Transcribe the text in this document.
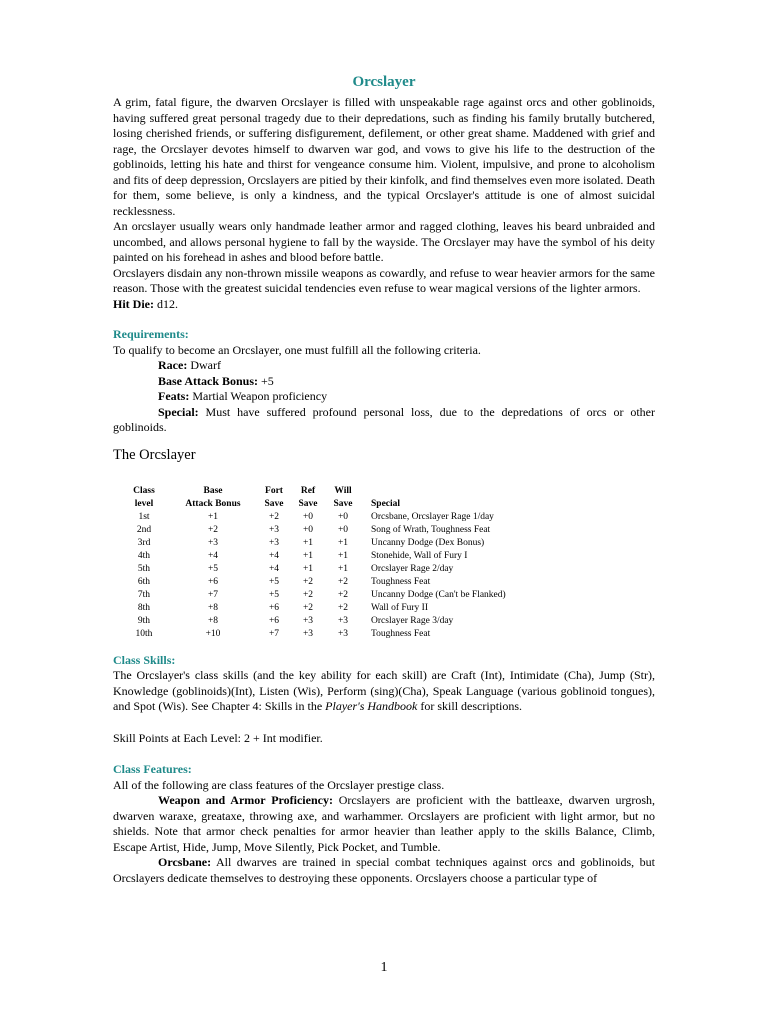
Orcslayer

A grim, fatal figure, the dwarven Orcslayer is filled with unspeakable rage against orcs and other goblinoids, having suffered great personal tragedy due to their depredations, such as finding his family brutally butchered, losing cherished friends, or suffering disfigurement, defilement, or other great shame. Maddened with grief and rage, the Orcslayer devotes himself to dwarven war god, and vows to give his life to the destruction of the goblinoids, letting his hate and thirst for vengeance consume him. Violent, impulsive, and prone to alcoholism and fits of deep depression, Orcslayers are pitied by their kinfolk, and find themselves even more isolated. Death for them, some believe, is only a kindness, and the typical Orcslayer's attitude is one of almost suicidal recklessness.

An orcslayer usually wears only handmade leather armor and ragged clothing, leaves his beard unbraided and uncombed, and allows personal hygiene to fall by the wayside. The Orcslayer may have the symbol of his deity painted on his forehead in ashes and blood before battle.

Orcslayers disdain any non-thrown missile weapons as cowardly, and refuse to wear heavier armors for the same reason. Those with the greatest suicidal tendencies even refuse to wear magical versions of the lighter armors.

Hit Die: d12.

Requirements:

To qualify to become an Orcslayer, one must fulfill all the following criteria.

Race: Dwarf

Base Attack Bonus: +5

Feats: Martial Weapon proficiency

Special: Must have suffered profound personal loss, due to the depredations of orcs or other goblinoids.

The Orcslayer

Class	Base	Fort	Ref	Will	
level	Attack Bonus	Save	Save	Save	Special
1st	+1	+2	+0	+0	Orcsbane, Orcslayer Rage 1/day
2nd	+2	+3	+0	+0	Song of Wrath, Toughness Feat
3rd	+3	+3	+1	+1	Uncanny Dodge (Dex Bonus)
4th	+4	+4	+1	+1	Stonehide, Wall of Fury I
5th	+5	+4	+1	+1	Orcslayer Rage 2/day
6th	+6	+5	+2	+2	Toughness Feat
7th	+7	+5	+2	+2	Uncanny Dodge (Can't be Flanked)
8th	+8	+6	+2	+2	Wall of Fury II
9th	+8	+6	+3	+3	Orcslayer Rage 3/day
10th	+10	+7	+3	+3	Toughness Feat

Class Skills:

The Orcslayer's class skills (and the key ability for each skill) are Craft (Int), Intimidate (Cha), Jump (Str), Knowledge (goblinoids)(Int), Listen (Wis), Perform (sing)(Cha), Speak Language (various goblinoid tongues), and Spot (Wis). See Chapter 4: Skills in the Player's Handbook for skill descriptions.

Skill Points at Each Level: 2 + Int modifier.

Class Features:

All of the following are class features of the Orcslayer prestige class.

Weapon and Armor Proficiency: Orcslayers are proficient with the battleaxe, dwarven urgrosh, dwarven waraxe, greataxe, throwing axe, and warhammer. Orcslayers are proficient with light armor, but no shields. Note that armor check penalties for armor heavier than leather apply to the skills Balance, Climb, Escape Artist, Hide, Jump, Move Silently, Pick Pocket, and Tumble.

Orcsbane: All dwarves are trained in special combat techniques against orcs and goblinoids, but Orcslayers dedicate themselves to destroying these opponents. Orcslayers choose a particular type of

1
